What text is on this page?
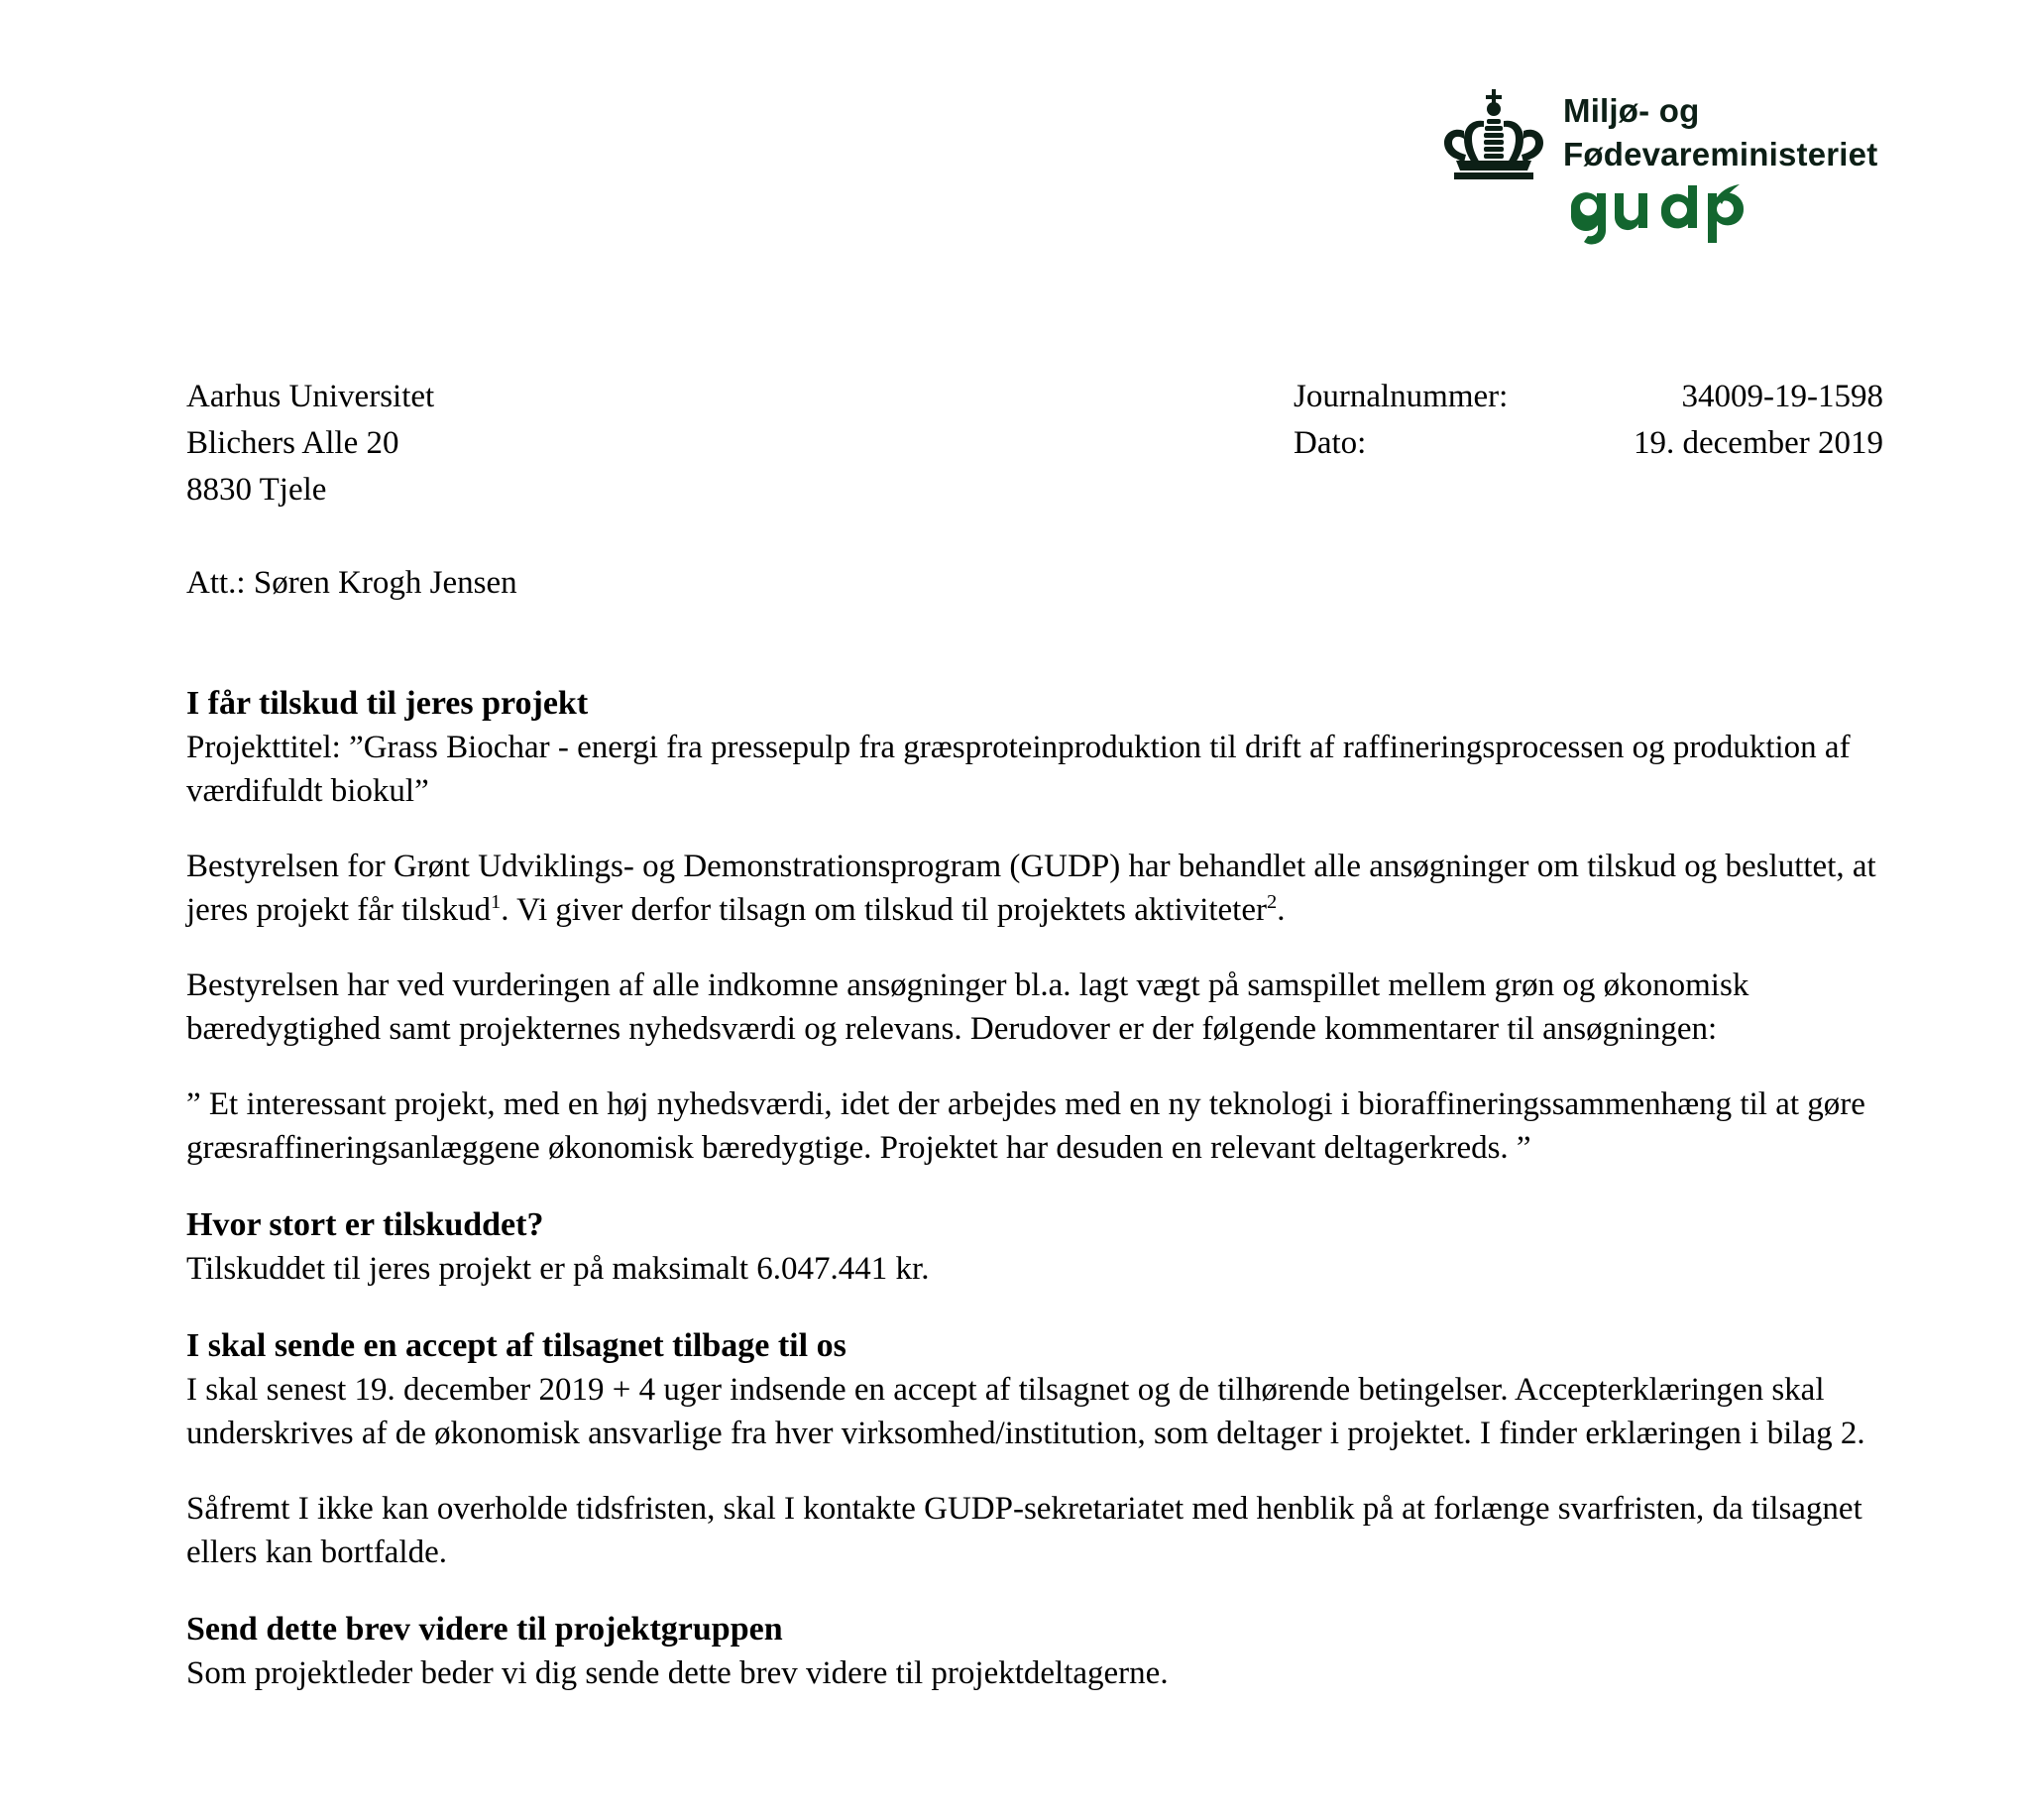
Miljø- og
Fødevareministeriet
Aarhus Universitet
Blichers Alle 20
8830 Tjele
Att.: Søren Krogh Jensen
Journalnummer:	34009-19-1598
Dato:	19. december 2019
I får tilskud til jeres projekt

Projekttitel: ”Grass Biochar - energi fra pressepulp fra græsproteinproduktion til drift af raffineringsprocessen og produktion af værdifuldt biokul”

Bestyrelsen for Grønt Udviklings- og Demonstrationsprogram (GUDP) har behandlet alle ansøgninger om tilskud og besluttet, at jeres projekt får tilskud$^1$. Vi giver derfor tilsagn om tilskud til projektets aktiviteter$^2$.

Bestyrelsen har ved vurderingen af alle indkomne ansøgninger bl.a. lagt vægt på samspillet mellem grøn og økonomisk bæredygtighed samt projekternes nyhedsværdi og relevans. Derudover er der følgende kommentarer til ansøgningen:

” Et interessant projekt, med en høj nyhedsværdi, idet der arbejdes med en ny teknologi i bioraffineringssammenhæng til at gøre græsraffineringsanlæggene økonomisk bæredygtige. Projektet har desuden en relevant deltagerkreds. ”

Hvor stort er tilskuddet?

Tilskuddet til jeres projekt er på maksimalt 6.047.441 kr.

I skal sende en accept af tilsagnet tilbage til os

I skal senest 19. december 2019 + 4 uger indsende en accept af tilsagnet og de tilhørende betingelser. Accepterklæringen skal underskrives af de økonomisk ansvarlige fra hver virksomhed/institution, som deltager i projektet. I finder erklæringen i bilag 2.

Såfremt I ikke kan overholde tidsfristen, skal I kontakte GUDP-sekretariatet med henblik på at forlænge svarfristen, da tilsagnet ellers kan bortfalde.

Send dette brev videre til projektgruppen

Som projektleder beder vi dig sende dette brev videre til projektdeltagerne.
